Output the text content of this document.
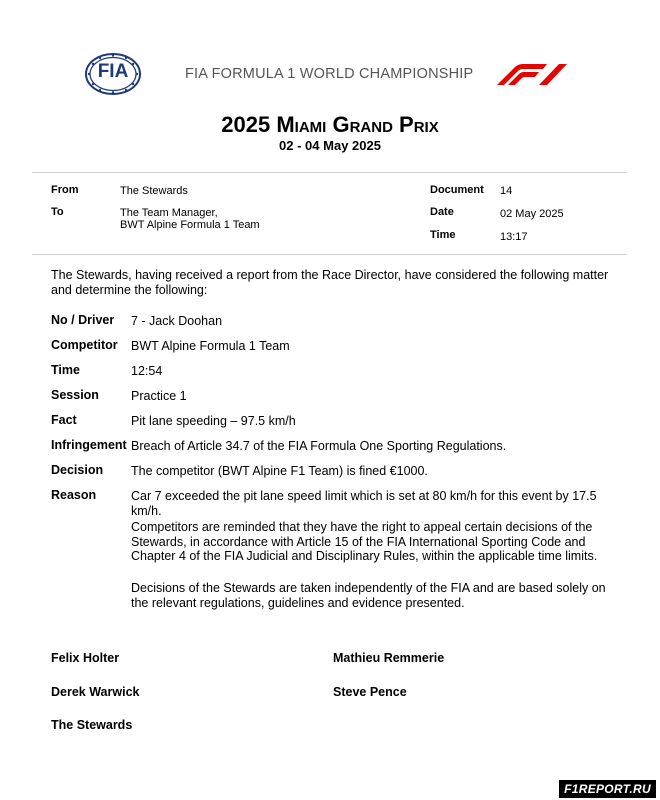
FIA	FIA FORMULA 1 WORLD CHAMPIONSHIP
2025 Miami Grand Prix
02 - 04 May 2025
From	The Stewards
To	The Team Manager,
BWT Alpine Formula 1 Team
Document 14
Date	02 May 2025
Time	13:17
The Stewards, having received a report from the Race Director, have considered the following matter and determine the following:
No / Driver 7 - Jack Doohan
Competitor BWT Alpine Formula 1 Team
Time	12:54
Session	Practice 1
Fact	Pit lane speeding – 97.5 km/h
Infringement Breach of Article 34.7 of the FIA Formula One Sporting Regulations.
Decision The competitor (BWT Alpine F1 Team) is fined €1000.
Reason	Car 7 exceeded the pit lane speed limit which is set at 80 km/h for this event by 17.5 km/h.
Competitors are reminded that they have the right to appeal certain decisions of the Stewards, in accordance with Article 15 of the FIA International Sporting Code and Chapter 4 of the FIA Judicial and Disciplinary Rules, within the applicable time limits.
Decisions of the Stewards are taken independently of the FIA and are based solely on the relevant regulations, guidelines and evidence presented.
Felix Holter	Mathieu Remmerie
Derek Warwick	Steve Pence
The Stewards
F1REPORT.RU
